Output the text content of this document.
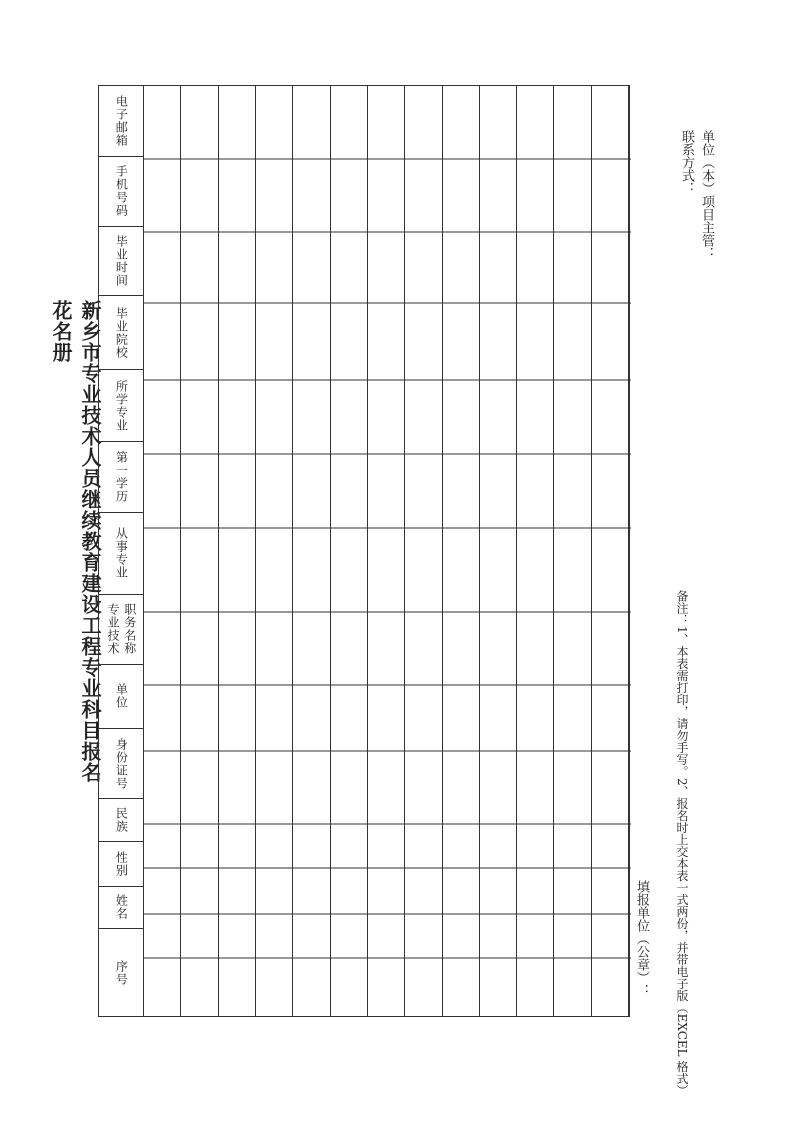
新乡市专业技术人员继续教育建设工程专业科目报名花名册
电子邮箱
手机号码
毕业时间
毕业院校
所学专业
第一学历
从事专业
专业技术 职务名称
单位
身份证号
民族
性别
姓名
序号	填报单位（公章）：
备注：1、本表需打印，请勿手写。
2、报名时上交本表一式两份，并带电子版（EXCEL 格式）
单位（本）项目主管：
联系方式：
